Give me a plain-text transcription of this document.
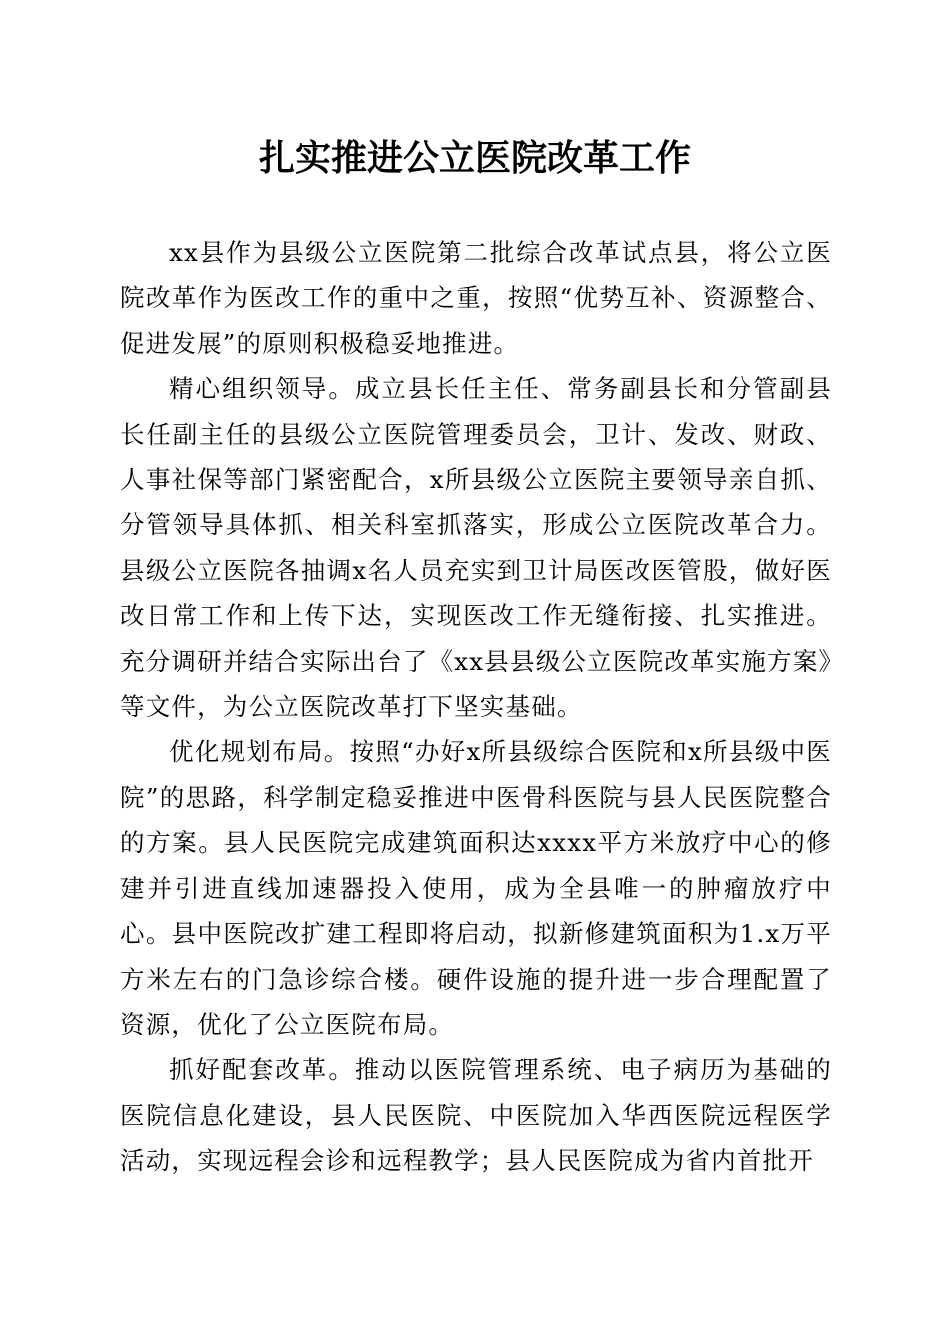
扎实推进公立医院改革工作

xx县作为县级公立医院第二批综合改革试点县，将公立医院改革作为医改工作的重中之重，按照“优势互补、资源整合、促进发展”的原则积极稳妥地推进。

精心组织领导。成立县长任主任、常务副县长和分管副县长任副主任的县级公立医院管理委员会，卫计、发改、财政、人事社保等部门紧密配合，x所县级公立医院主要领导亲自抓、分管领导具体抓、相关科室抓落实，形成公立医院改革合力。县级公立医院各抽调x名人员充实到卫计局医改医管股，做好医改日常工作和上传下达，实现医改工作无缝衔接、扎实推进。充分调研并结合实际出台了《xx县县级公立医院改革实施方案》等文件，为公立医院改革打下坚实基础。

优化规划布局。按照“办好x所县级综合医院和x所县级中医院”的思路，科学制定稳妥推进中医骨科医院与县人民医院整合的方案。县人民医院完成建筑面积达xxxx平方米放疗中心的修建并引进直线加速器投入使用，成为全县唯一的肿瘤放疗中心。县中医院改扩建工程即将启动，拟新修建筑面积为1.x万平方米左右的门急诊综合楼。硬件设施的提升进一步合理配置了资源，优化了公立医院布局。

抓好配套改革。推动以医院管理系统、电子病历为基础的医院信息化建设，县人民医院、中医院加入华西医院远程医学活动，实现远程会诊和远程教学；县人民医院成为省内首批开
